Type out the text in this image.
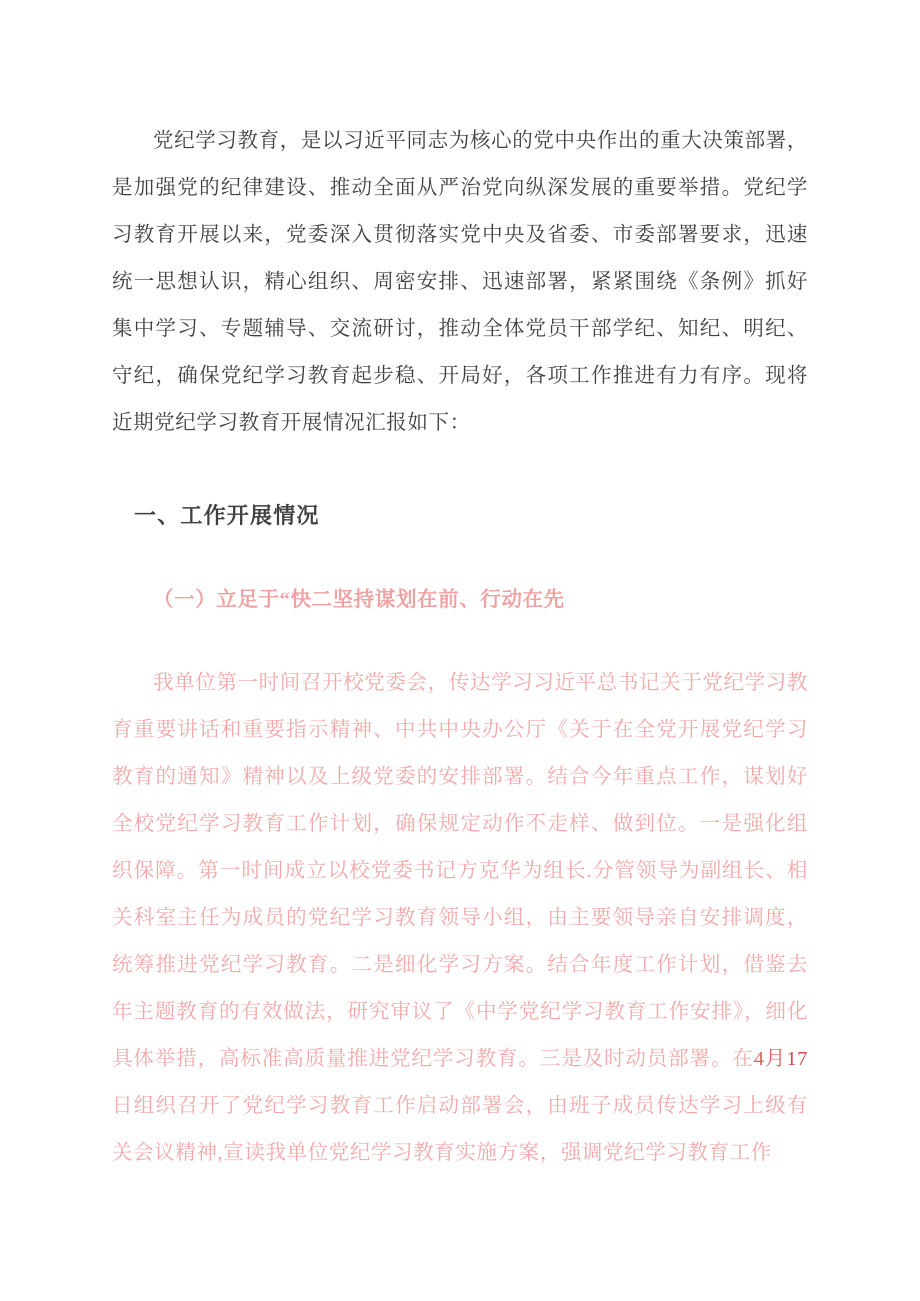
党纪学习教育，是以习近平同志为核心的党中央作出的重大决策部署，是加强党的纪律建设、推动全面从严治党向纵深发展的重要举措。党纪学习教育开展以来，党委深入贯彻落实党中央及省委、市委部署要求，迅速统一思想认识，精心组织、周密安排、迅速部署，紧紧围绕《条例》抓好集中学习、专题辅导、交流研讨，推动全体党员干部学纪、知纪、明纪、守纪，确保党纪学习教育起步稳、开局好，各项工作推进有力有序。现将近期党纪学习教育开展情况汇报如下：

一、工作开展情况
（一）立足于“快二坚持谋划在前、行动在先

我单位第一时间召开校党委会，传达学习习近平总书记关于党纪学习教育重要讲话和重要指示精神、中共中央办公厅《关于在全党开展党纪学习教育的通知》精神以及上级党委的安排部署。结合今年重点工作，谋划好全校党纪学习教育工作计划，确保规定动作不走样、做到位。一是强化组织保障。第一时间成立以校党委书记方克华为组长.分管领导为副组长、相关科室主任为成员的党纪学习教育领导小组，由主要领导亲自安排调度，统筹推进党纪学习教育。二是细化学习方案。结合年度工作计划，借鉴去年主题教育的有效做法，研究审议了《中学党纪学习教育工作安排》，细化具体举措，高标准高质量推进党纪学习教育。三是及时动员部署。在4月17日组织召开了党纪学习教育工作启动部署会，由班子成员传达学习上级有关会议精神,宣读我单位党纪学习教育实施方案，强调党纪学习教育工作
